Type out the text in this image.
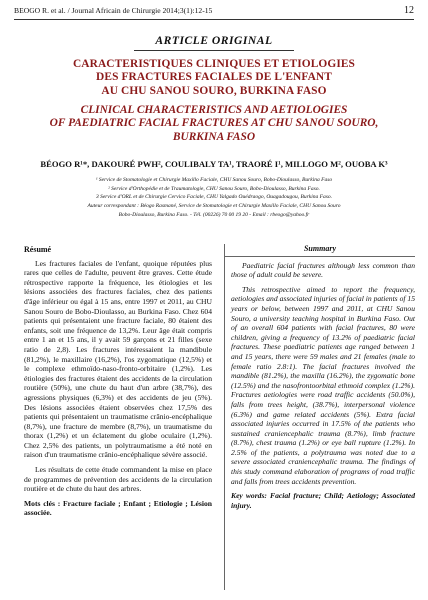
BEOGO R. et al. / Journal Africain de Chirurgie 2014;3(1):12-15	12
ARTICLE ORIGINAL
CARACTERISTIQUES CLINIQUES ET ETIOLOGIES
DES FRACTURES FACIALES DE L'ENFANT
AU CHU SANOU SOURO, BURKINA FASO
CLINICAL CHARACTERISTICS AND AETIOLOGIES
OF PAEDIATRIC FACIAL FRACTURES AT CHU SANOU SOURO,
BURKINA FASO
BÉOGO R¹*, DAKOURÉ PWH², COULIBALY TA¹, TRAORÉ I¹, MILLOGO M², OUOBA K³
¹ Service de Stomatologie et Chirurgie Maxillo Faciale, CHU Sanou Souro, Bobo-Dioulasso, Burkina Faso
² Service d'Orthopédie et de Traumatologie, CHU Sanou Souro, Bobo-Dioulasso, Burkina Faso.
3 Service d'ORL et de Chirurgie Cervico Faciale, CHU Yalgado Ouédraogo, Ouagadougou, Burkina Faso.
Auteur correspondant : Béogo Rasmané, Service de Stomatologie et Chirurgie Maxillo Faciale, CHU Sanou Souro
Bobo-Dioulasso, Burkina Faso. - Tél. (00226) 70 00 19 20 - Email : rbeogo@yahoo.fr
Résumé

Les fractures faciales de l'enfant, quoique réputées plus rares que celles de l'adulte, peuvent être graves. Cette étude rétrospective rapporte la fréquence, les étiologies et les lésions associées des fractures faciales, chez des patients d'âge inférieur ou égal à 15 ans, entre 1997 et 2011, au CHU Sanou Souro de Bobo-Dioulasso, au Burkina Faso. Chez 604 patients qui présentaient une fracture faciale, 80 étaient des enfants, soit une fréquence de 13,2%. Leur âge était compris entre 1 an et 15 ans, il y avait 59 garçons et 21 filles (sexe ratio de 2,8). Les fractures intéressaient la mandibule (81,2%), le maxillaire (16,2%), l'os zygomatique (12,5%) et le complexe ethmoïdo-naso-fronto-orbitaire (1,2%). Les étiologies des fractures étaient des accidents de la circulation routière (50%), une chute du haut d'un arbre (38,7%), des agressions physiques (6,3%) et des accidents de jeu (5%). Des lésions associées étaient observées chez 17,5% des patients qui présentaient un traumatisme crânio-encéphalique (8,7%), une fracture de membre (8,7%), un traumatisme du thorax (1,2%) et un éclatement du globe oculaire (1,2%). Chez 2,5% des patients, un polytraumatisme a été noté en raison d'un traumatisme crânio-encéphalique sévère associé.

Les résultats de cette étude commandent la mise en place de programmes de prévention des accidents de la circulation routière et de chute du haut des arbres.

Mots clés : Fracture faciale ; Enfant ; Etiologie ; Lésion associée.

Summary

Paediatric facial fractures although less common than those of adult could be severe.

This retrospective aimed to report the frequency, aetiologies and associated injuries of facial in patients of 15 years or below, between 1997 and 2011, at CHU Sanou Souro, a university teaching hospital in Burkina Faso. Out of an overall 604 patients with facial fractures, 80 were children, giving a frequency of 13.2% of paediatric facial fractures. These paediatric patients age ranged between 1 and 15 years, there were 59 males and 21 females (male to female ratio 2.8:1). The facial fractures involved the mandible (81.2%), the maxilla (16.2%), the zygomatic bone (12.5%) and the nasofrontoorbital ethmoid complex (1.2%). Fractures aetiologies were road traffic accidents (50.0%), falls from trees height, (38.7%), interpersonal violence (6.3%) and game related accidents (5%). Extra facial associated injuries occurred in 17.5% of the patients who sustained craniencephalic trauma (8.7%), limb fracture (8.7%), chest trauma (1.2%) or eye ball rupture (1.2%). In 2.5% of the patients, a polytrauma was noted due to a severe associated craniencephalic trauma. The findings of this study command elaboration of programs of road traffic and falls from trees accidents prevention.

Key words: Facial fracture; Child; Aetiology; Associated injury.
